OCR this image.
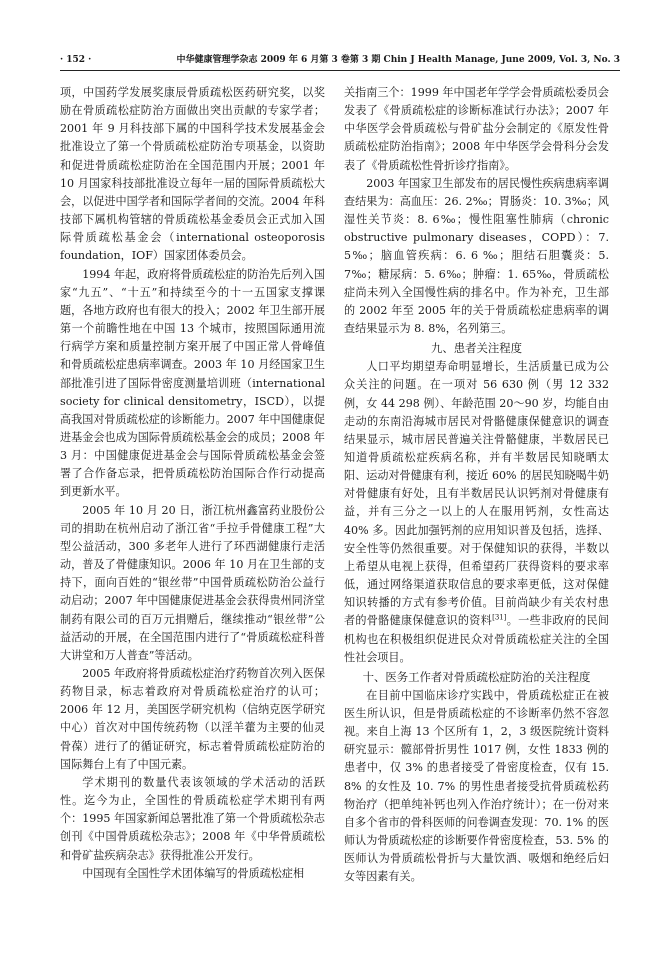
· 152 ·	中华健康管理学杂志 2009 年 6 月第 3 卷第 3 期 Chin J Health Manage, June 2009, Vol. 3, No. 3

项，中国药学发展奖康辰骨质疏松医药研究奖，以奖励在骨质疏松症防治方面做出突出贡献的专家学者；2001 年 9 月科技部下属的中国科学技术发展基金会批准设立了第一个骨质疏松症防治专项基金，以资助和促进骨质疏松症防治在全国范围内开展；2001 年 10 月国家科技部批准设立每年一届的国际骨质疏松大会，以促进中国学者和国际学者间的交流。2004 年科技部下属机构管辖的骨质疏松基金委员会正式加入国际骨质疏松基金会（international osteoporosis foundation，IOF）国家团体委员会。

1994 年起，政府将骨质疏松症的防治先后列入国家“九五”、“十五”和持续至今的十一五国家支撑课题，各地方政府也有很大的投入；2002 年卫生部开展第一个前瞻性地在中国 13 个城市，按照国际通用流行病学方案和质量控制方案开展了中国正常人骨峰值和骨质疏松症患病率调查。2003 年 10 月经国家卫生部批准引进了国际骨密度测量培训班（international society for clinical densitometry，ISCD），以提高我国对骨质疏松症的诊断能力。2007 年中国健康促进基金会也成为国际骨质疏松基金会的成员；2008 年 3 月：中国健康促进基金会与国际骨质疏松基金会签署了合作备忘录，把骨质疏松防治国际合作行动提高到更新水平。

2005 年 10 月 20 日，浙江杭州鑫富药业股份公司的捐助在杭州启动了浙江省“手拉手骨健康工程”大型公益活动，300 多老年人进行了环西湖健康行走活动，普及了骨健康知识。2006 年 10 月在卫生部的支持下，面向百姓的“银丝带”中国骨质疏松防治公益行动启动；2007 年中国健康促进基金会获得贵州同济堂制药有限公司的百万元捐赠后，继续推动“银丝带”公益活动的开展，在全国范围内进行了“骨质疏松症科普大讲堂和万人普查”等活动。

2005 年政府将骨质疏松症治疗药物首次列入医保药物目录，标志着政府对骨质疏松症治疗的认可；2006 年 12 月，美国医学研究机构（信纳克医学研究中心）首次对中国传统药物（以淫羊藿为主要的仙灵骨葆）进行了的循证研究，标志着骨质疏松症防治的国际舞台上有了中国元素。

学术期刊的数量代表该领域的学术活动的活跃性。迄今为止，全国性的骨质疏松症学术期刊有两个：1995 年国家新闻总署批准了第一个骨质疏松杂志创刊《中国骨质疏松杂志》；2008 年《中华骨质疏松和骨矿盐疾病杂志》获得批准公开发行。

中国现有全国性学术团体编写的骨质疏松症相

关指南三个：1999 年中国老年学学会骨质疏松委员会发表了《骨质疏松症的诊断标准试行办法》；2007 年中华医学会骨质疏松与骨矿盐分会制定的《原发性骨质疏松症防治指南》；2008 年中华医学会骨科分会发表了《骨质疏松性骨折诊疗指南》。

2003 年国家卫生部发布的居民慢性疾病患病率调查结果为：高血压：26. 2‰；胃肠炎：10. 3‰；风湿性关节炎：8. 6‰；慢性阻塞性肺病（chronic obstructive pulmonary diseases，COPD）：7. 5‰；脑血管疾病：6. 6 ‰；胆结石胆囊炎：5. 7‰；糖尿病：5. 6‰；肿瘤：1. 65‰，骨质疏松症尚未列入全国慢性病的排名中。作为补充，卫生部的 2002 年至 2005 年的关于骨质疏松症患病率的调查结果显示为 8. 8%，名列第三。

九、患者关注程度

人口平均期望寿命明显增长，生活质量已成为公众关注的问题。在一项对 56 630 例（男 12 332 例，女 44 298 例）、年龄范围 20～90 岁，均能自由走动的东南沿海城市居民对骨骼健康保健意识的调查结果显示，城市居民普遍关注骨骼健康，半数居民已知道骨质疏松症疾病名称，并有半数居民知晓晒太阳、运动对骨健康有利，接近 60% 的居民知晓喝牛奶对骨健康有好处，且有半数居民认识钙剂对骨健康有益，并有三分之一以上的人在服用钙剂，女性高达 40% 多。因此加强钙剂的应用知识普及包括，选择、安全性等仍然很重要。对于保健知识的获得，半数以上希望从电视上获得，但希望药厂获得资料的要求率低，通过网络渠道获取信息的要求率更低，这对保健知识转播的方式有参考价值。目前尚缺少有关农村患者的骨骼健康保健意识的资料[31]。一些非政府的民间机构也在积极组织促进民众对骨质疏松症关注的全国性社会项目。

十、医务工作者对骨质疏松症防治的关注程度

在目前中国临床诊疗实践中，骨质疏松症正在被医生所认识，但是骨质疏松症的不诊断率仍然不容忽视。来自上海 13 个区所有 1，2，3 级医院统计资料研究显示：髋部骨折男性 1017 例，女性 1833 例的患者中，仅 3% 的患者接受了骨密度检查，仅有 15. 8% 的女性及 10. 7% 的男性患者接受抗骨质疏松药物治疗（把单纯补钙也列入作治疗统计）；在一份对来自多个省市的骨科医师的问卷调查发现：70. 1% 的医师认为骨质疏松症的诊断要作骨密度检查，53. 5% 的医师认为骨质疏松骨折与大量饮酒、吸烟和绝经后妇女等因素有关。
